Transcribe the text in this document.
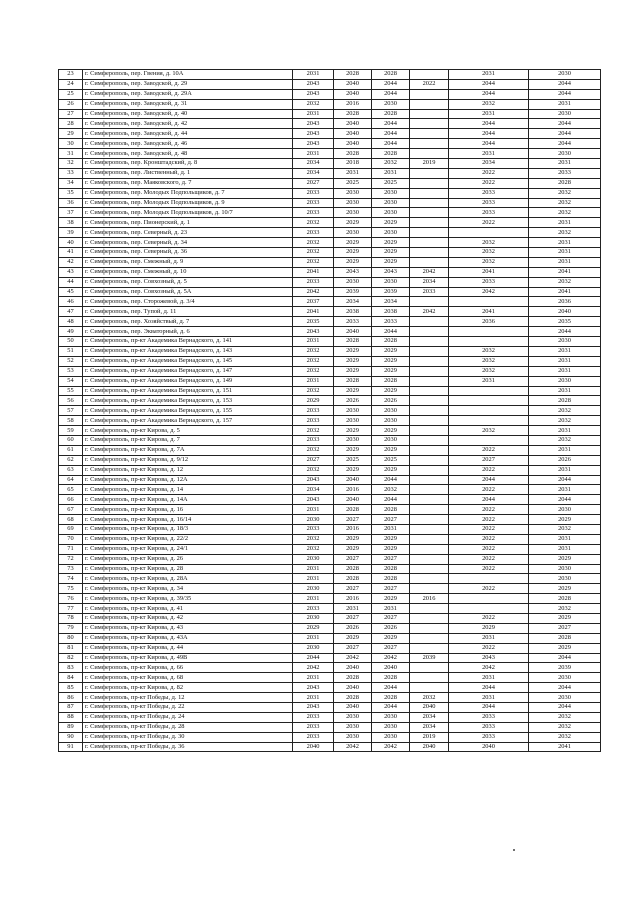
23	г. Симферополь, пер. Гвения, д. 10А	2031	2028	2028		2031	2030
24	г. Симферополь, пер. Заводской, д. 29	2043	2040	2044	2022	2044	2044
25	г. Симферополь, пер. Заводской, д. 29А	2043	2040	2044		2044	2044
26	г. Симферополь, пер. Заводской, д. 31	2032	2016	2030		2032	2031
27	г. Симферополь, пер. Заводской, д. 40	2031	2028	2028		2031	2030
28	г. Симферополь, пер. Заводской, д. 42	2043	2040	2044		2044	2044
29	г. Симферополь, пер. Заводской, д. 44	2043	2040	2044		2044	2044
30	г. Симферополь, пер. Заводской, д. 46	2043	2040	2044		2044	2044
31	г. Симферополь, пер. Заводской, д. 48	2031	2028	2028		2031	2030
32	г. Симферополь, пер. Кронштадский, д. 8	2034	2018	2032	2019	2034	2031
33	г. Симферополь, пер. Лиственный, д. 1	2034	2031	2031		2022	2033
34	г. Симферополь, пер. Маяковского, д. 7	2027	2025	2025		2022	2028
35	г. Симферополь, пер. Молодых Подпольщиков, д. 7	2033	2030	2030		2033	2032
36	г. Симферополь, пер. Молодых Подпольщиков, д. 9	2033	2030	2030		2033	2032
37	г. Симферополь, пер. Молодых Подпольщиков, д. 10/7	2033	2030	2030		2033	2032
38	г. Симферополь, пер. Пионерский, д. 1	2032	2029	2029		2022	2031
39	г. Симферополь, пер. Северный, д. 23	2033	2030	2030			2032
40	г. Симферополь, пер. Северный, д. 34	2032	2029	2029		2032	2031
41	г. Симферополь, пер. Северный, д. 36	2032	2029	2029		2032	2031
42	г. Симферополь, пер. Смежный, д. 9	2032	2029	2029		2032	2031
43	г. Симферополь, пер. Смежный, д. 10	2041	2043	2043	2042	2041	2041
44	г. Симферополь, пер. Совхозный, д. 5	2033	2030	2030	2034	2033	2032
45	г. Симферополь, пер. Совхозный, д. 5А	2042	2039	2039	2033	2042	2041
46	г. Симферополь, пер. Сторожевой, д. 3/4	2037	2034	2034			2036
47	г. Симферополь, пер. Тупой, д. 11	2041	2038	2038	2042	2041	2040
48	г. Симферополь, пер. Хозяйствый, д. 7	2035	2033	2033		2036	2035
49	г. Симферополь, пер. Экваторный, д. 6	2043	2040	2044			2044
50	г. Симферополь, пр-кт Академика Вернадского, д. 141	2031	2028	2028			2030
51	г. Симферополь, пр-кт Академика Вернадского, д. 143	2032	2029	2029		2032	2031
52	г. Симферополь, пр-кт Академика Вернадского, д. 145	2032	2029	2029		2032	2031
53	г. Симферополь, пр-кт Академика Вернадского, д. 147	2032	2029	2029		2032	2031
54	г. Симферополь, пр-кт Академика Вернадского, д. 149	2031	2028	2028		2031	2030
55	г. Симферополь, пр-кт Академика Вернадского, д. 151	2032	2029	2029			2031
56	г. Симферополь, пр-кт Академика Вернадского, д. 153	2029	2026	2026			2028
57	г. Симферополь, пр-кт Академика Вернадского, д. 155	2033	2030	2030			2032
58	г. Симферополь, пр-кт Академика Вернадского, д. 157	2033	2030	2030			2032
59	г. Симферополь, пр-кт Кирова, д. 5	2032	2029	2029		2032	2031
60	г. Симферополь, пр-кт Кирова, д. 7	2033	2030	2030			2032
61	г. Симферополь, пр-кт Кирова, д. 7А	2032	2029	2029		2022	2031
62	г. Симферополь, пр-кт Кирова, д. 9/12	2027	2025	2025		2027	2026
63	г. Симферополь, пр-кт Кирова, д. 12	2032	2029	2029		2022	2031
64	г. Симферополь, пр-кт Кирова, д. 12А	2043	2040	2044		2044	2044
65	г. Симферополь, пр-кт Кирова, д. 14	2034	2016	2032		2022	2031
66	г. Симферополь, пр-кт Кирова, д. 14А	2043	2040	2044		2044	2044
67	г. Симферополь, пр-кт Кирова, д. 16	2031	2028	2028		2022	2030
68	г. Симферополь, пр-кт Кирова, д. 16/14	2030	2027	2027		2022	2029
69	г. Симферополь, пр-кт Кирова, д. 18/3	2033	2016	2031		2022	2032
70	г. Симферополь, пр-кт Кирова, д. 22/2	2032	2029	2029		2022	2031
71	г. Симферополь, пр-кт Кирова, д. 24/1	2032	2029	2029		2022	2031
72	г. Симферополь, пр-кт Кирова, д. 26	2030	2027	2027		2022	2029
73	г. Симферополь, пр-кт Кирова, д. 28	2031	2028	2028		2022	2030
74	г. Симферополь, пр-кт Кирова, д. 28А	2031	2028	2028			2030
75	г. Симферополь, пр-кт Кирова, д. 34	2030	2027	2027		2022	2029
76	г. Симферополь, пр-кт Кирова, д. 39/35	2031	2016	2029	2016		2028
77	г. Симферополь, пр-кт Кирова, д. 41	2033	2031	2031			2032
78	г. Симферополь, пр-кт Кирова, д. 42	2030	2027	2027		2022	2029
79	г. Симферополь, пр-кт Кирова, д. 43	2029	2026	2026		2029	2027
80	г. Симферополь, пр-кт Кирова, д. 43А	2031	2029	2029		2031	2028
81	г. Симферополь, пр-кт Кирова, д. 44	2030	2027	2027		2022	2029
82	г. Симферополь, пр-кт Кирова, д. 49В	2044	2042	2042	2039	2043	2044
83	г. Симферополь, пр-кт Кирова, д. 66	2042	2040	2040		2042	2039
84	г. Симферополь, пр-кт Кирова, д. 68	2031	2028	2028		2031	2030
85	г. Симферополь, пр-кт Кирова, д. 82	2043	2040	2044		2044	2044
86	г. Симферополь, пр-кт Победы, д. 12	2031	2028	2028	2032	2031	2030
87	г. Симферополь, пр-кт Победы, д. 22	2043	2040	2044	2040	2044	2044
88	г. Симферополь, пр-кт Победы, д. 24	2033	2030	2030	2034	2033	2032
89	г. Симферополь, пр-кт Победы, д. 28	2033	2030	2030	2034	2033	2032
90	г. Симферополь, пр-кт Победы, д. 30	2033	2030	2030	2019	2033	2032
91	г. Симферополь, пр-кт Победы, д. 36	2040	2042	2042	2040	2040	2041
